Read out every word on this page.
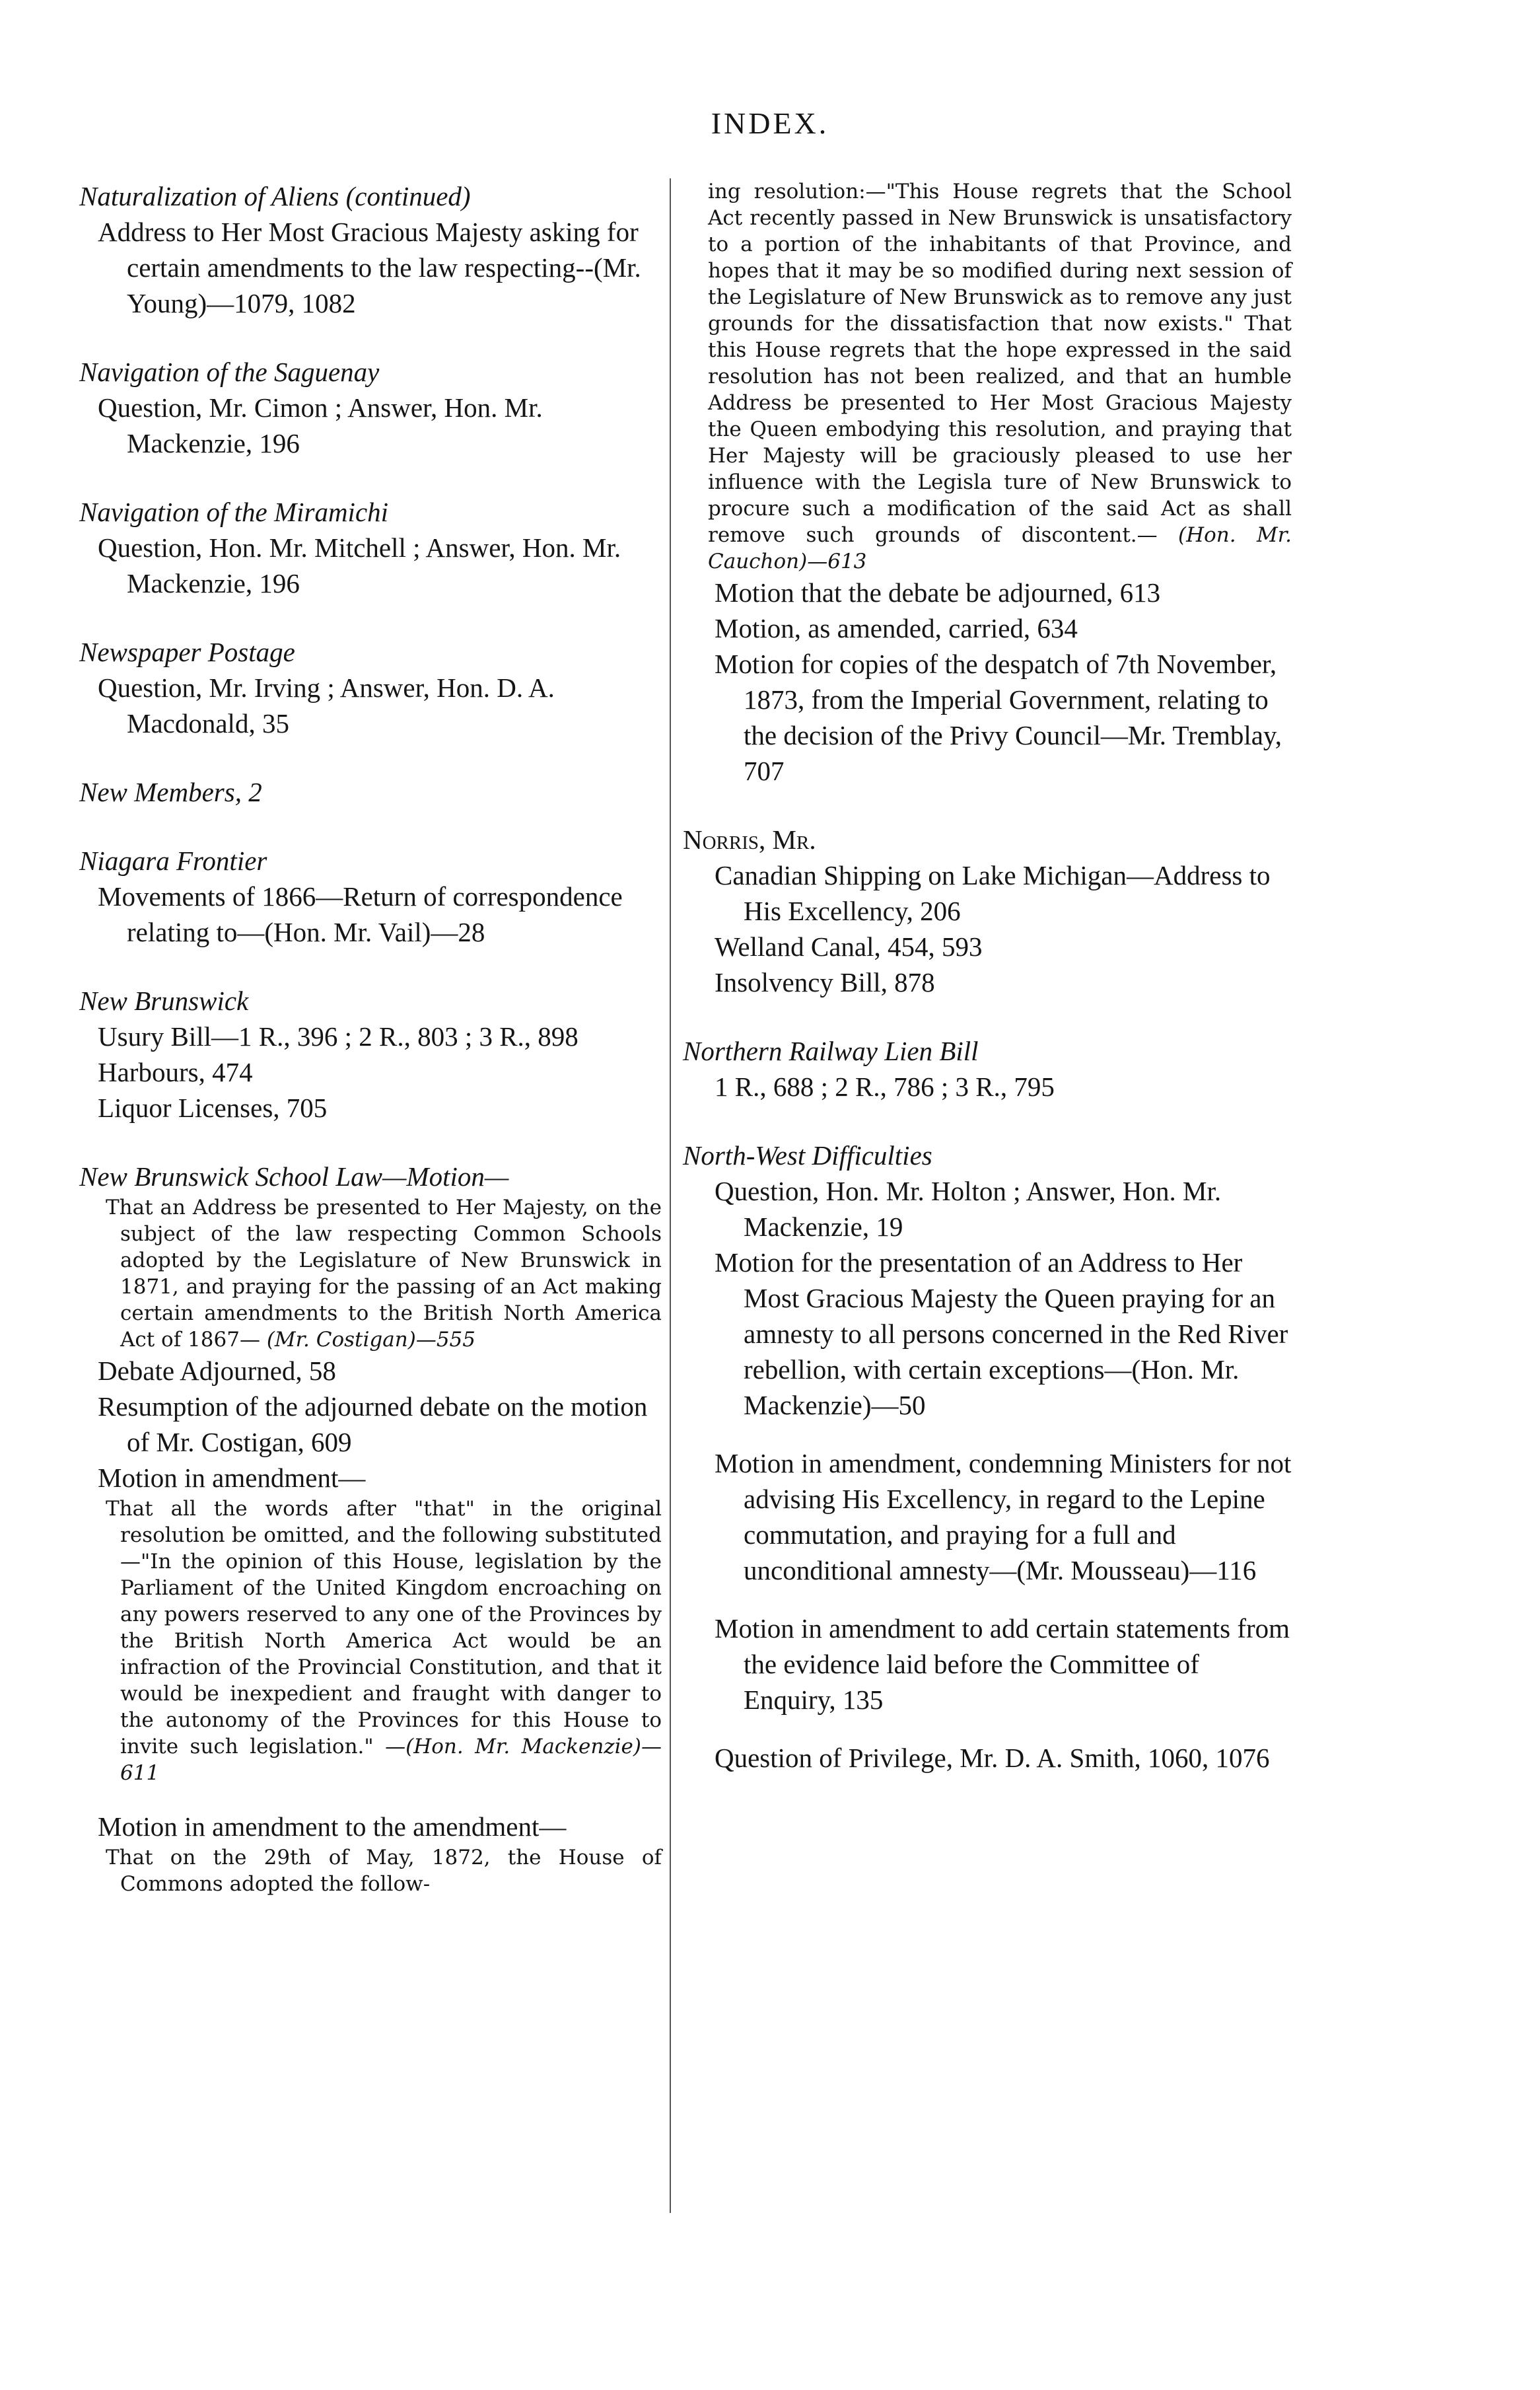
INDEX.
Naturalization of Aliens (continued)
Address to Her Most Gracious Majesty asking for certain amendments to the law respecting--(Mr. Young)—1079, 1082
Navigation of the Saguenay
Question, Mr. Cimon ; Answer, Hon. Mr. Mackenzie, 196
Navigation of the Miramichi
Question, Hon. Mr. Mitchell ; Answer, Hon. Mr. Mackenzie, 196
Newspaper Postage
Question, Mr. Irving ; Answer, Hon. D. A. Macdonald, 35
New Members, 2
Niagara Frontier
Movements of 1866—Return of correspondence relating to—(Hon. Mr. Vail)—28
New Brunswick
Usury Bill—1 R., 396 ; 2 R., 803 ; 3 R., 898
Harbours, 474
Liquor Licenses, 705
New Brunswick School Law—Motion—
That an Address be presented to Her Majesty, on the subject of the law respecting Common Schools adopted by the Legislature of New Brunswick in 1871, and praying for the passing of an Act making certain amendments to the British North America Act of 1867— (Mr. Costigan)—555
Debate Adjourned, 58
Resumption of the adjourned debate on the motion of Mr. Costigan, 609
Motion in amendment—
That all the words after "that" in the original resolution be omitted, and the following substituted—"In the opinion of this House, legislation by the Parliament of the United Kingdom encroaching on any powers reserved to any one of the Provinces by the British North America Act would be an infraction of the Provincial Constitution, and that it would be inexpedient and fraught with danger to the autonomy of the Provinces for this House to invite such legislation." —(Hon. Mr. Mackenzie)—611
Motion in amendment to the amendment—
That on the 29th of May, 1872, the House of Commons adopted the follow-
ing resolution:—"This House regrets that the School Act recently passed in New Brunswick is unsatisfactory to a portion of the inhabitants of that Province, and hopes that it may be so modified during next session of the Legislature of New Brunswick as to remove any just grounds for the dissatisfaction that now exists." That this House regrets that the hope expressed in the said resolution has not been realized, and that an humble Address be presented to Her Most Gracious Majesty the Queen embodying this resolution, and praying that Her Majesty will be graciously pleased to use her influence with the Legisla ture of New Brunswick to procure such a modification of the said Act as shall remove such grounds of discontent.— (Hon. Mr. Cauchon)—613
Motion that the debate be adjourned, 613
Motion, as amended, carried, 634
Motion for copies of the despatch of 7th November, 1873, from the Imperial Government, relating to the decision of the Privy Council—Mr. Tremblay, 707
Norris, Mr.
Canadian Shipping on Lake Michigan—Address to His Excellency, 206
Welland Canal, 454, 593
Insolvency Bill, 878
Northern Railway Lien Bill
1 R., 688 ; 2 R., 786 ; 3 R., 795
North-West Difficulties
Question, Hon. Mr. Holton ; Answer, Hon. Mr. Mackenzie, 19
Motion for the presentation of an Address to Her Most Gracious Majesty the Queen praying for an amnesty to all persons concerned in the Red River rebellion, with certain exceptions—(Hon. Mr. Mackenzie)—50
Motion in amendment, condemning Ministers for not advising His Excellency, in regard to the Lepine commutation, and praying for a full and unconditional amnesty—(Mr. Mousseau)—116
Motion in amendment to add certain statements from the evidence laid before the Committee of Enquiry, 135
Question of Privilege, Mr. D. A. Smith, 1060, 1076
